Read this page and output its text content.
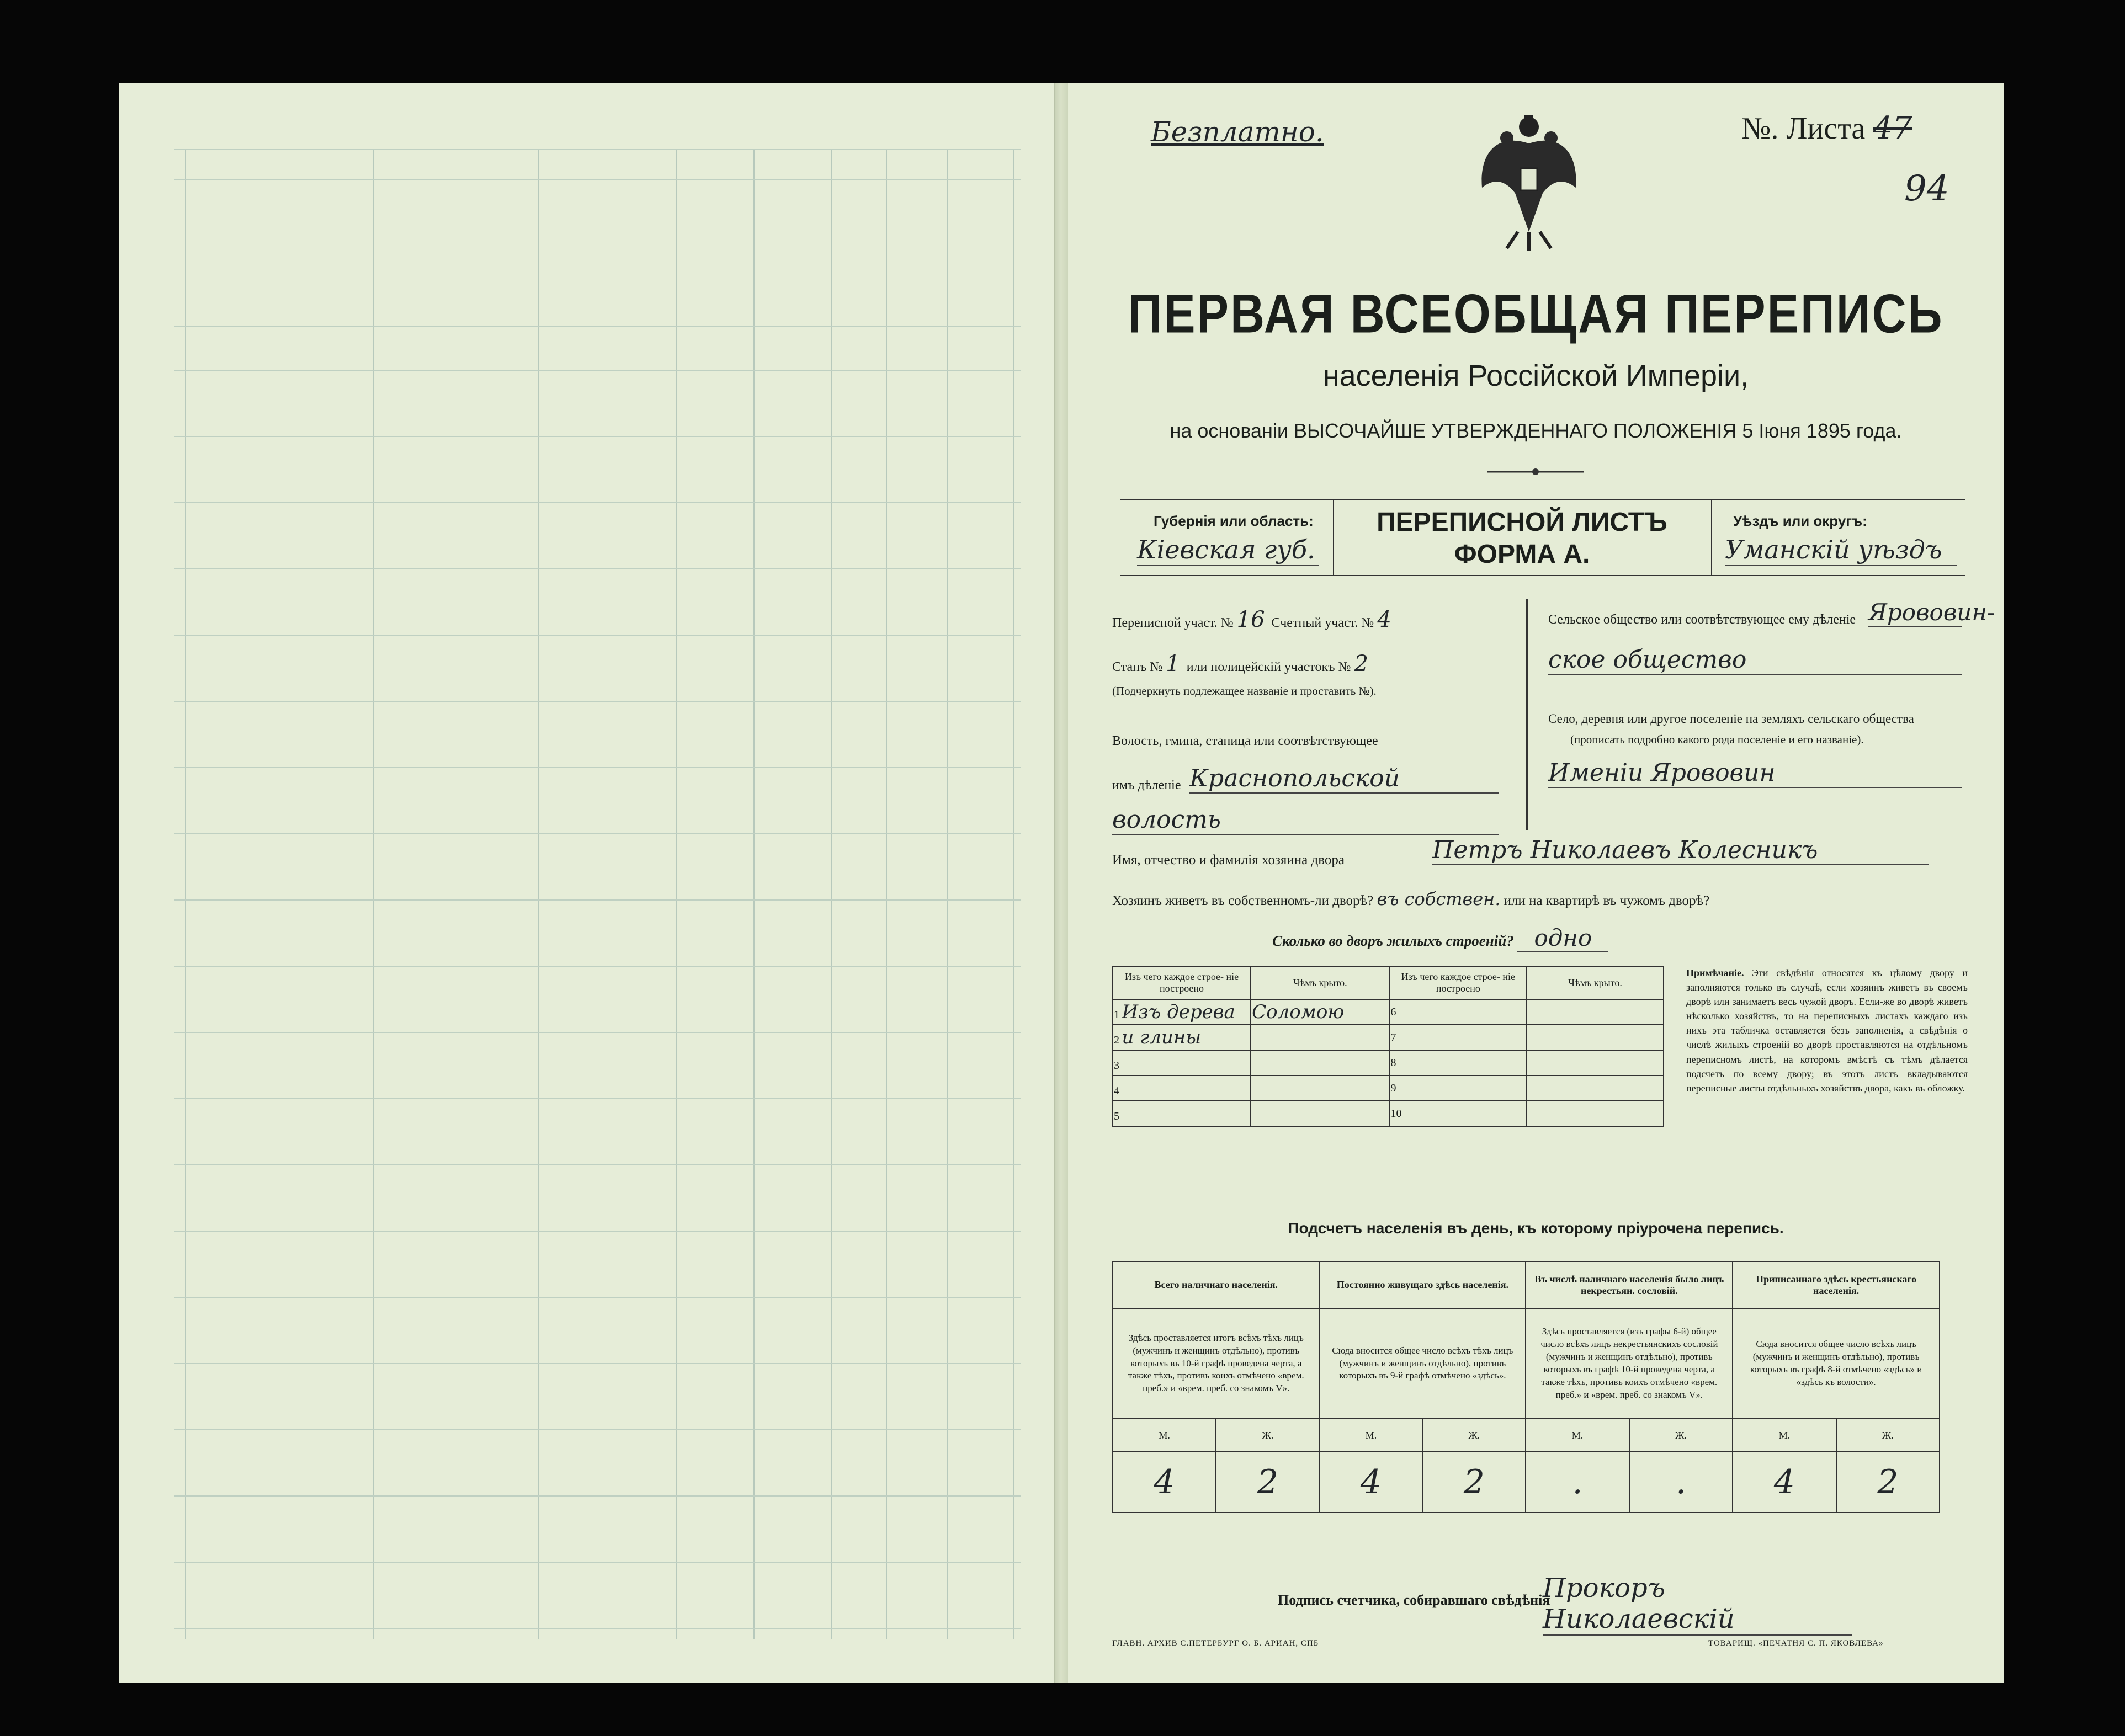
Безплатно.	№. Листа 47
94
ПЕРВАЯ ВСЕОБЩАЯ ПЕРЕПИСЬ
населенія Россійской Имперіи,
на основаніи ВЫСОЧАЙШЕ УТВЕРЖДЕННАГО ПОЛОЖЕНІЯ 5 Іюня 1895 года.
Губернія или область:
Кіевская губ.
ПЕРЕПИСНОЙ ЛИСТЪ
ФОРМА А.
Уѣздъ или округъ:
Уманскій уѣздъ
Переписной участ. № 16 Счетный участ. № 4
Станъ № 1 или полицейскій участокъ № 2
(Подчеркнуть подлежащее названіе и проставить №).
Волость, гмина, станица или соотвѣтствующее
имъ дѣленіе Краснопольской
волость
Сельское общество или соотвѣтствующее ему дѣленіе Ярововин-
ское общество
Село, деревня или другое поселеніе на земляхъ сельскаго общества
(прописать подробно какого рода поселеніе и его названіе).
Именіи Ярововин
Имя, отчество и фамилія хозяина двора	Петръ Николаевъ Колесникъ
Хозяинъ живетъ въ собственномъ-ли дворѣ? въ собствен. или на квартирѣ въ чужомъ дворѣ?
Сколько во дворъ жилыхъ строеній? одно
Изъ чего каждое строе- ніе построено	Чѣмъ крыто.	Изъ чего каждое строе- ніе построено	Чѣмъ крыто.
1 Изъ дерева	Соломою	6	
2 и глины		7	
3		8	
4		9	
5		10	
Примѣчаніе. Эти свѣдѣнія относятся къ цѣлому двору и заполняются только въ случаѣ, если хозяинъ живетъ въ своемъ дворѣ или занимаетъ весь чужой дворъ. Если-же во дворѣ живетъ нѣсколько хозяйствъ, то на переписныхъ листахъ каждаго изъ нихъ эта табличка оставляется безъ заполненія, а свѣдѣнія о числѣ жилыхъ строеній во дворѣ проставляются на отдѣльномъ переписномъ листѣ, на которомъ вмѣстѣ съ тѣмъ дѣлается подсчетъ по всему двору; въ этотъ листъ вкладываются переписные листы отдѣльныхъ хозяйствъ двора, какъ въ обложку.
Подсчетъ населенія въ день, къ которому пріурочена перепись.
Всего наличнаго населенія.		Постоянно живущаго здѣсь населенія.		Въ числѣ наличнаго населенія было лицъ некрестьян. сословій.		Приписаннаго здѣсь крестьянскаго населенія.	
Здѣсь проставляется итогъ всѣхъ тѣхъ лицъ (мужчинъ и женщинъ отдѣльно), противъ которыхъ въ 10-й графѣ проведена черта, а также тѣхъ, противъ коихъ отмѣчено «врем. преб.» и «врем. преб. со знакомъ V».		Сюда вносится общее число всѣхъ тѣхъ лицъ (мужчинъ и женщинъ отдѣльно), противъ которыхъ въ 9-й графѣ отмѣчено «здѣсь».		Здѣсь проставляется (изъ графы 6-й) общее число всѣхъ лицъ некрестьянскихъ сословій (мужчинъ и женщинъ отдѣльно), противъ которыхъ въ графѣ 10-й проведена черта, а также тѣхъ, противъ коихъ отмѣчено «врем. преб.» и «врем. преб. со знакомъ V».		Сюда вносится общее число всѣхъ лицъ (мужчинъ и женщинъ отдѣльно), противъ которыхъ въ графѣ 8-й отмѣчено «здѣсь» и «здѣсь къ волости».	
М.	Ж.	М.	Ж.	М.	Ж.	М.	Ж.
4	2	4	2	.	.	4	2
Подпись счетчика, собиравшаго свѣдѣнія
Прокоръ Николаевскій
ГЛАВН. АРХИВ С.ПЕТЕРБУРГ О. Б. АРИАН, СПБ	ТОВАРИЩ. «ПЕЧАТНЯ С. П. ЯКОВЛЕВА»
